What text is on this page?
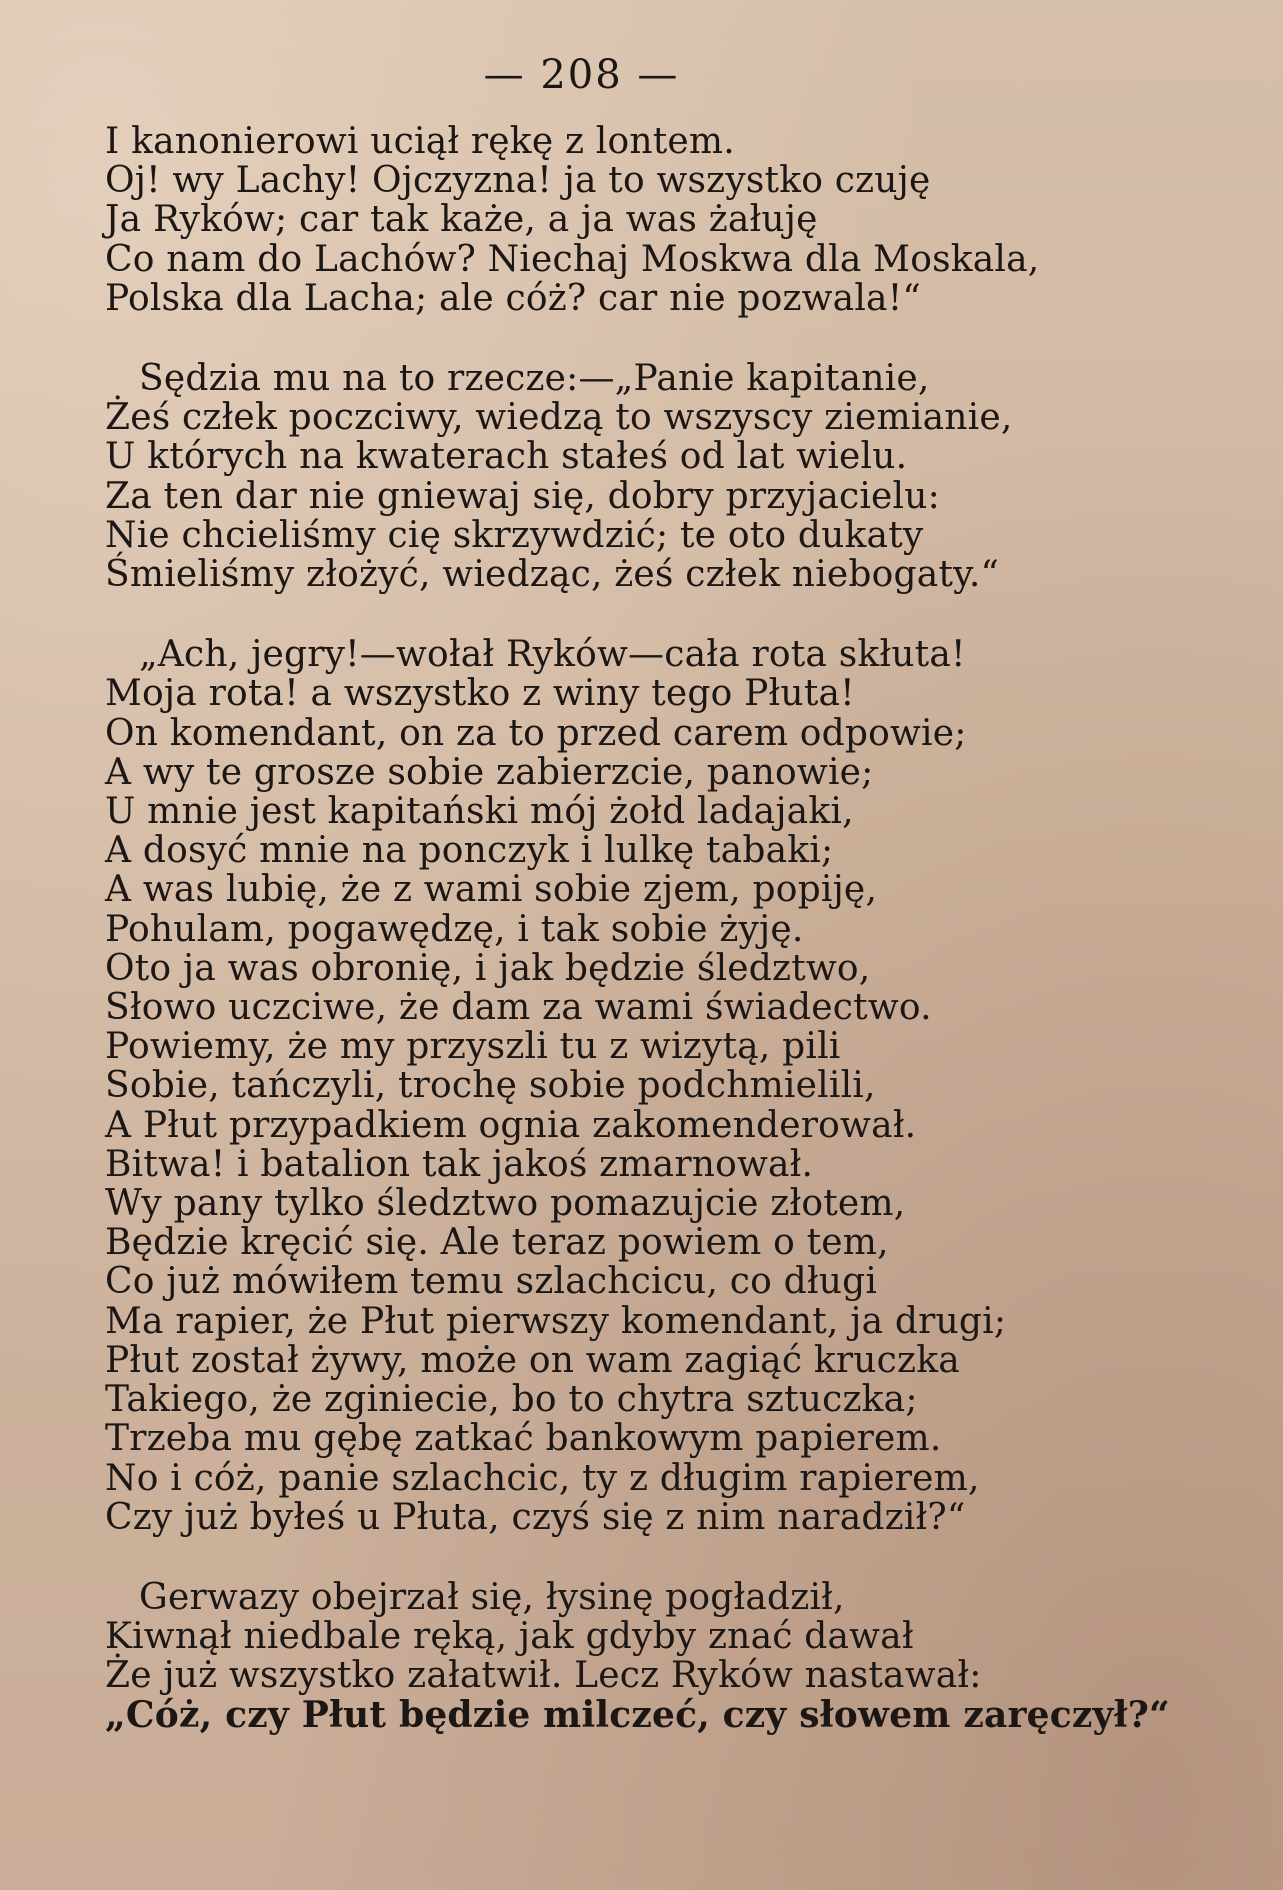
— 208 —
I kanonierowi uciął rękę z lontem.
Oj! wy Lachy! Ojczyzna! ja to wszystko czuję
Ja Ryków; car tak każe, a ja was żałuję
Co nam do Lachów? Niechaj Moskwa dla Moskala,
Polska dla Lacha; ale cóż? car nie pozwala!“
Sędzia mu na to rzecze:—„Panie kapitanie,
Żeś człek poczciwy, wiedzą to wszyscy ziemianie,
U których na kwaterach stałeś od lat wielu.
Za ten dar nie gniewaj się, dobry przyjacielu:
Nie chcieliśmy cię skrzywdzić; te oto dukaty
Śmieliśmy złożyć, wiedząc, żeś człek niebogaty.“
„Ach, jegry!—wołał Ryków—cała rota skłuta!
Moja rota! a wszystko z winy tego Płuta!
On komendant, on za to przed carem odpowie;
A wy te grosze sobie zabierzcie, panowie;
U mnie jest kapitański mój żołd ladajaki,
A dosyć mnie na ponczyk i lulkę tabaki;
A was lubię, że z wami sobie zjem, popiję,
Pohulam, pogawędzę, i tak sobie żyję.
Oto ja was obronię, i jak będzie śledztwo,
Słowo uczciwe, że dam za wami świadectwo.
Powiemy, że my przyszli tu z wizytą, pili
Sobie, tańczyli, trochę sobie podchmielili,
A Płut przypadkiem ognia zakomenderował.
Bitwa! i batalion tak jakoś zmarnował.
Wy pany tylko śledztwo pomazujcie złotem,
Będzie kręcić się. Ale teraz powiem o tem,
Co już mówiłem temu szlachcicu, co długi
Ma rapier, że Płut pierwszy komendant, ja drugi;
Płut został żywy, może on wam zagiąć kruczka
Takiego, że zginiecie, bo to chytra sztuczka;
Trzeba mu gębę zatkać bankowym papierem.
No i cóż, panie szlachcic, ty z długim rapierem,
Czy już byłeś u Płuta, czyś się z nim naradził?“
Gerwazy obejrzał się, łysinę pogładził,
Kiwnął niedbale ręką, jak gdyby znać dawał
Że już wszystko załatwił. Lecz Ryków nastawał:
„Cóż, czy Płut będzie milczeć, czy słowem zaręczył?“
